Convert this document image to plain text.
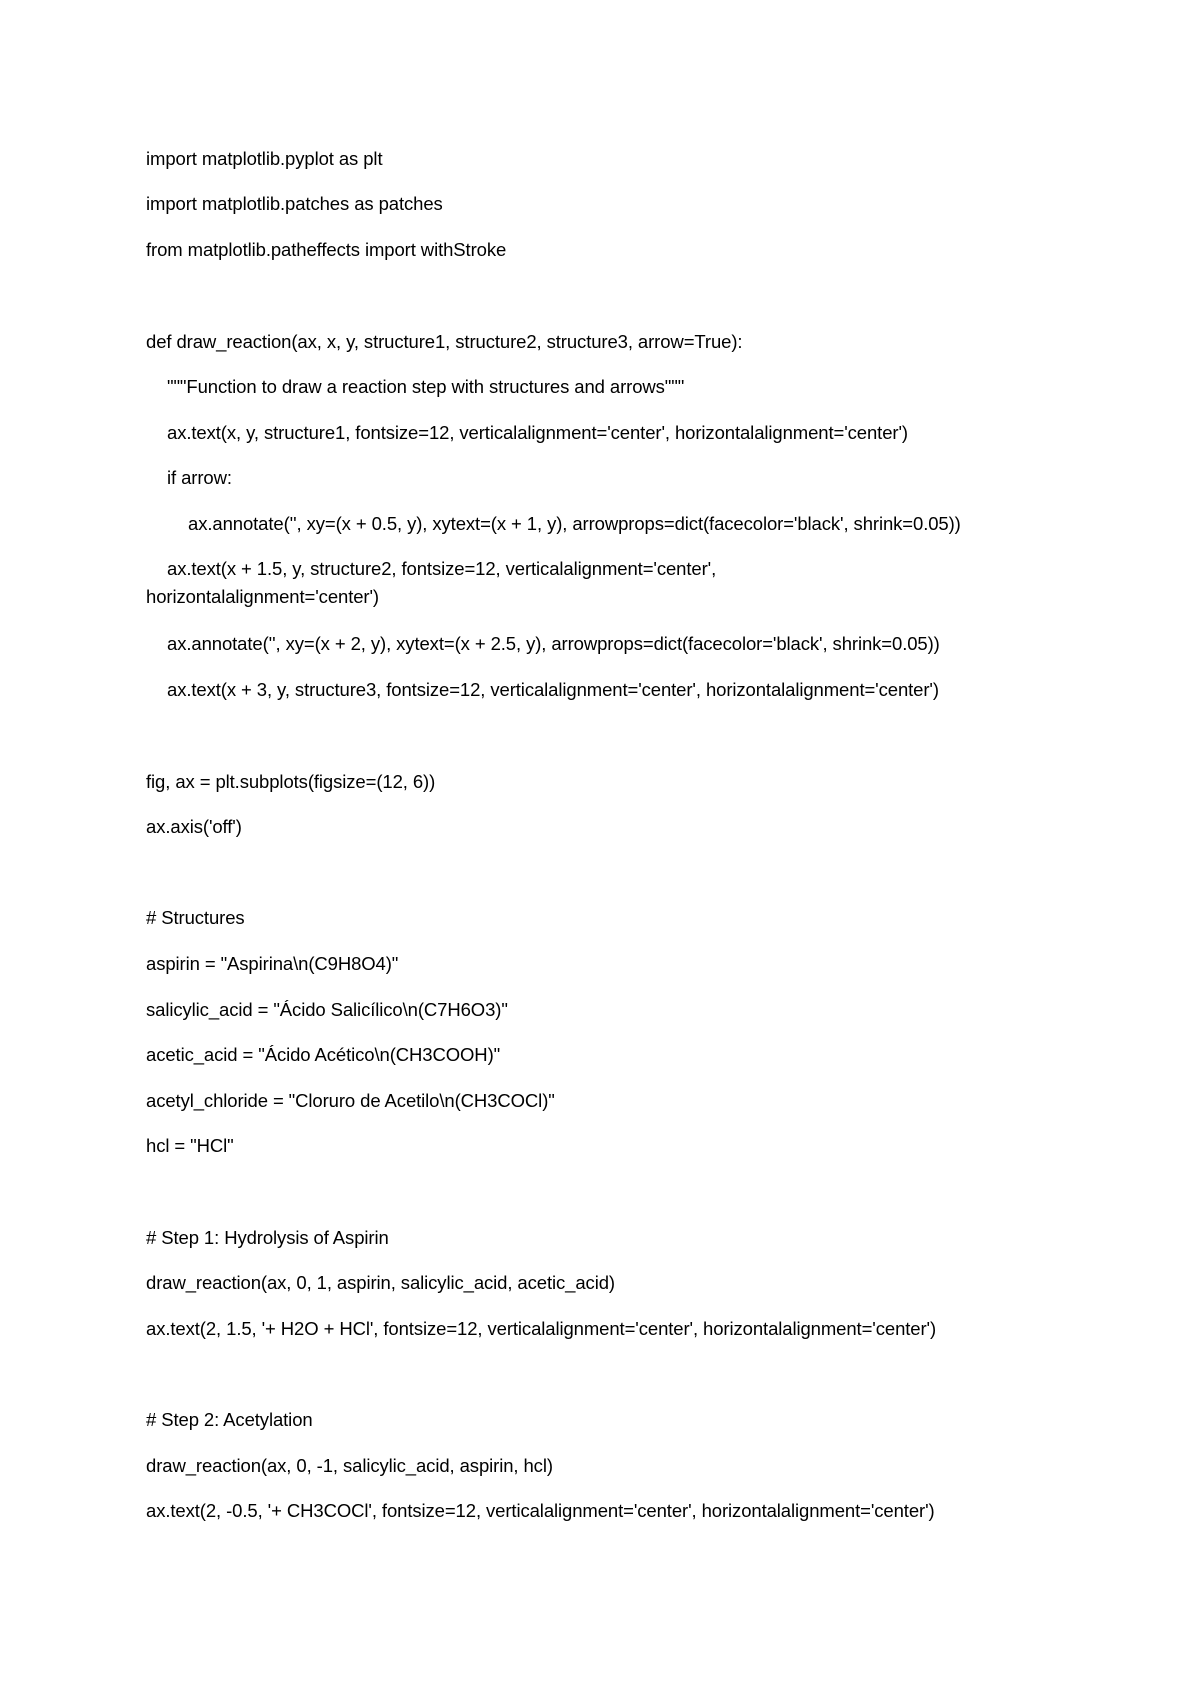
import matplotlib.pyplot as plt
import matplotlib.patches as patches
from matplotlib.patheffects import withStroke
def draw_reaction(ax, x, y, structure1, structure2, structure3, arrow=True):
"""Function to draw a reaction step with structures and arrows"""
ax.text(x, y, structure1, fontsize=12, verticalalignment='center', horizontalalignment='center')
if arrow:
ax.annotate('', xy=(x + 0.5, y), xytext=(x + 1, y), arrowprops=dict(facecolor='black', shrink=0.05))
ax.text(x + 1.5, y, structure2, fontsize=12, verticalalignment='center',
horizontalalignment='center')
ax.annotate('', xy=(x + 2, y), xytext=(x + 2.5, y), arrowprops=dict(facecolor='black', shrink=0.05))
ax.text(x + 3, y, structure3, fontsize=12, verticalalignment='center', horizontalalignment='center')
fig, ax = plt.subplots(figsize=(12, 6))
ax.axis('off')
# Structures
aspirin = "Aspirina\n(C9H8O4)"
salicylic_acid = "Ácido Salicílico\n(C7H6O3)"
acetic_acid = "Ácido Acético\n(CH3COOH)"
acetyl_chloride = "Cloruro de Acetilo\n(CH3COCl)"
hcl = "HCl"
# Step 1: Hydrolysis of Aspirin
draw_reaction(ax, 0, 1, aspirin, salicylic_acid, acetic_acid)
ax.text(2, 1.5, '+ H2O + HCl', fontsize=12, verticalalignment='center', horizontalalignment='center')
# Step 2: Acetylation
draw_reaction(ax, 0, -1, salicylic_acid, aspirin, hcl)
ax.text(2, -0.5, '+ CH3COCl', fontsize=12, verticalalignment='center', horizontalalignment='center')
